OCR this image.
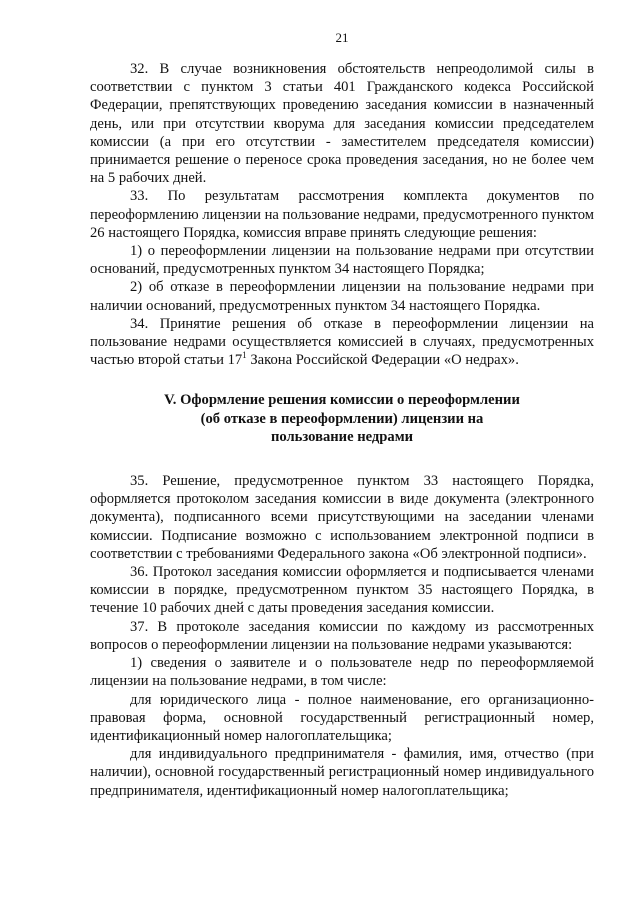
21

32. В случае возникновения обстоятельств непреодолимой силы в соответствии с пунктом 3 статьи 401 Гражданского кодекса Российской Федерации, препятствующих проведению заседания комиссии в назначенный день, или при отсутствии кворума для заседания комиссии председателем комиссии (а при его отсутствии - заместителем председателя комиссии) принимается решение о переносе срока проведения заседания, но не более чем на 5 рабочих дней.

33. По результатам рассмотрения комплекта документов по переоформлению лицензии на пользование недрами, предусмотренного пунктом 26 настоящего Порядка, комиссия вправе принять следующие решения:

1) о переоформлении лицензии на пользование недрами при отсутствии оснований, предусмотренных пунктом 34 настоящего Порядка;

2) об отказе в переоформлении лицензии на пользование недрами при наличии оснований, предусмотренных пунктом 34 настоящего Порядка.

34. Принятие решения об отказе в переоформлении лицензии на пользование недрами осуществляется комиссией в случаях, предусмотренных частью второй статьи $17^1$ Закона Российской Федерации «О недрах».

V. Оформление решения комиссии о переоформлении
(об отказе в переоформлении) лицензии на
пользование недрами

35. Решение, предусмотренное пунктом 33 настоящего Порядка, оформляется протоколом заседания комиссии в виде документа (электронного документа), подписанного всеми присутствующими на заседании членами комиссии. Подписание возможно с использованием электронной подписи в соответствии с требованиями Федерального закона «Об электронной подписи».

36. Протокол заседания комиссии оформляется и подписывается членами комиссии в порядке, предусмотренном пунктом 35 настоящего Порядка, в течение 10 рабочих дней с даты проведения заседания комиссии.

37. В протоколе заседания комиссии по каждому из рассмотренных вопросов о переоформлении лицензии на пользование недрами указываются:

1) сведения о заявителе и о пользователе недр по переоформляемой лицензии на пользование недрами, в том числе:

для юридического лица - полное наименование, его организационно-правовая форма, основной государственный регистрационный номер, идентификационный номер налогоплательщика;

для индивидуального предпринимателя - фамилия, имя, отчество (при наличии), основной государственный регистрационный номер индивидуального предпринимателя, идентификационный номер налогоплательщика;
